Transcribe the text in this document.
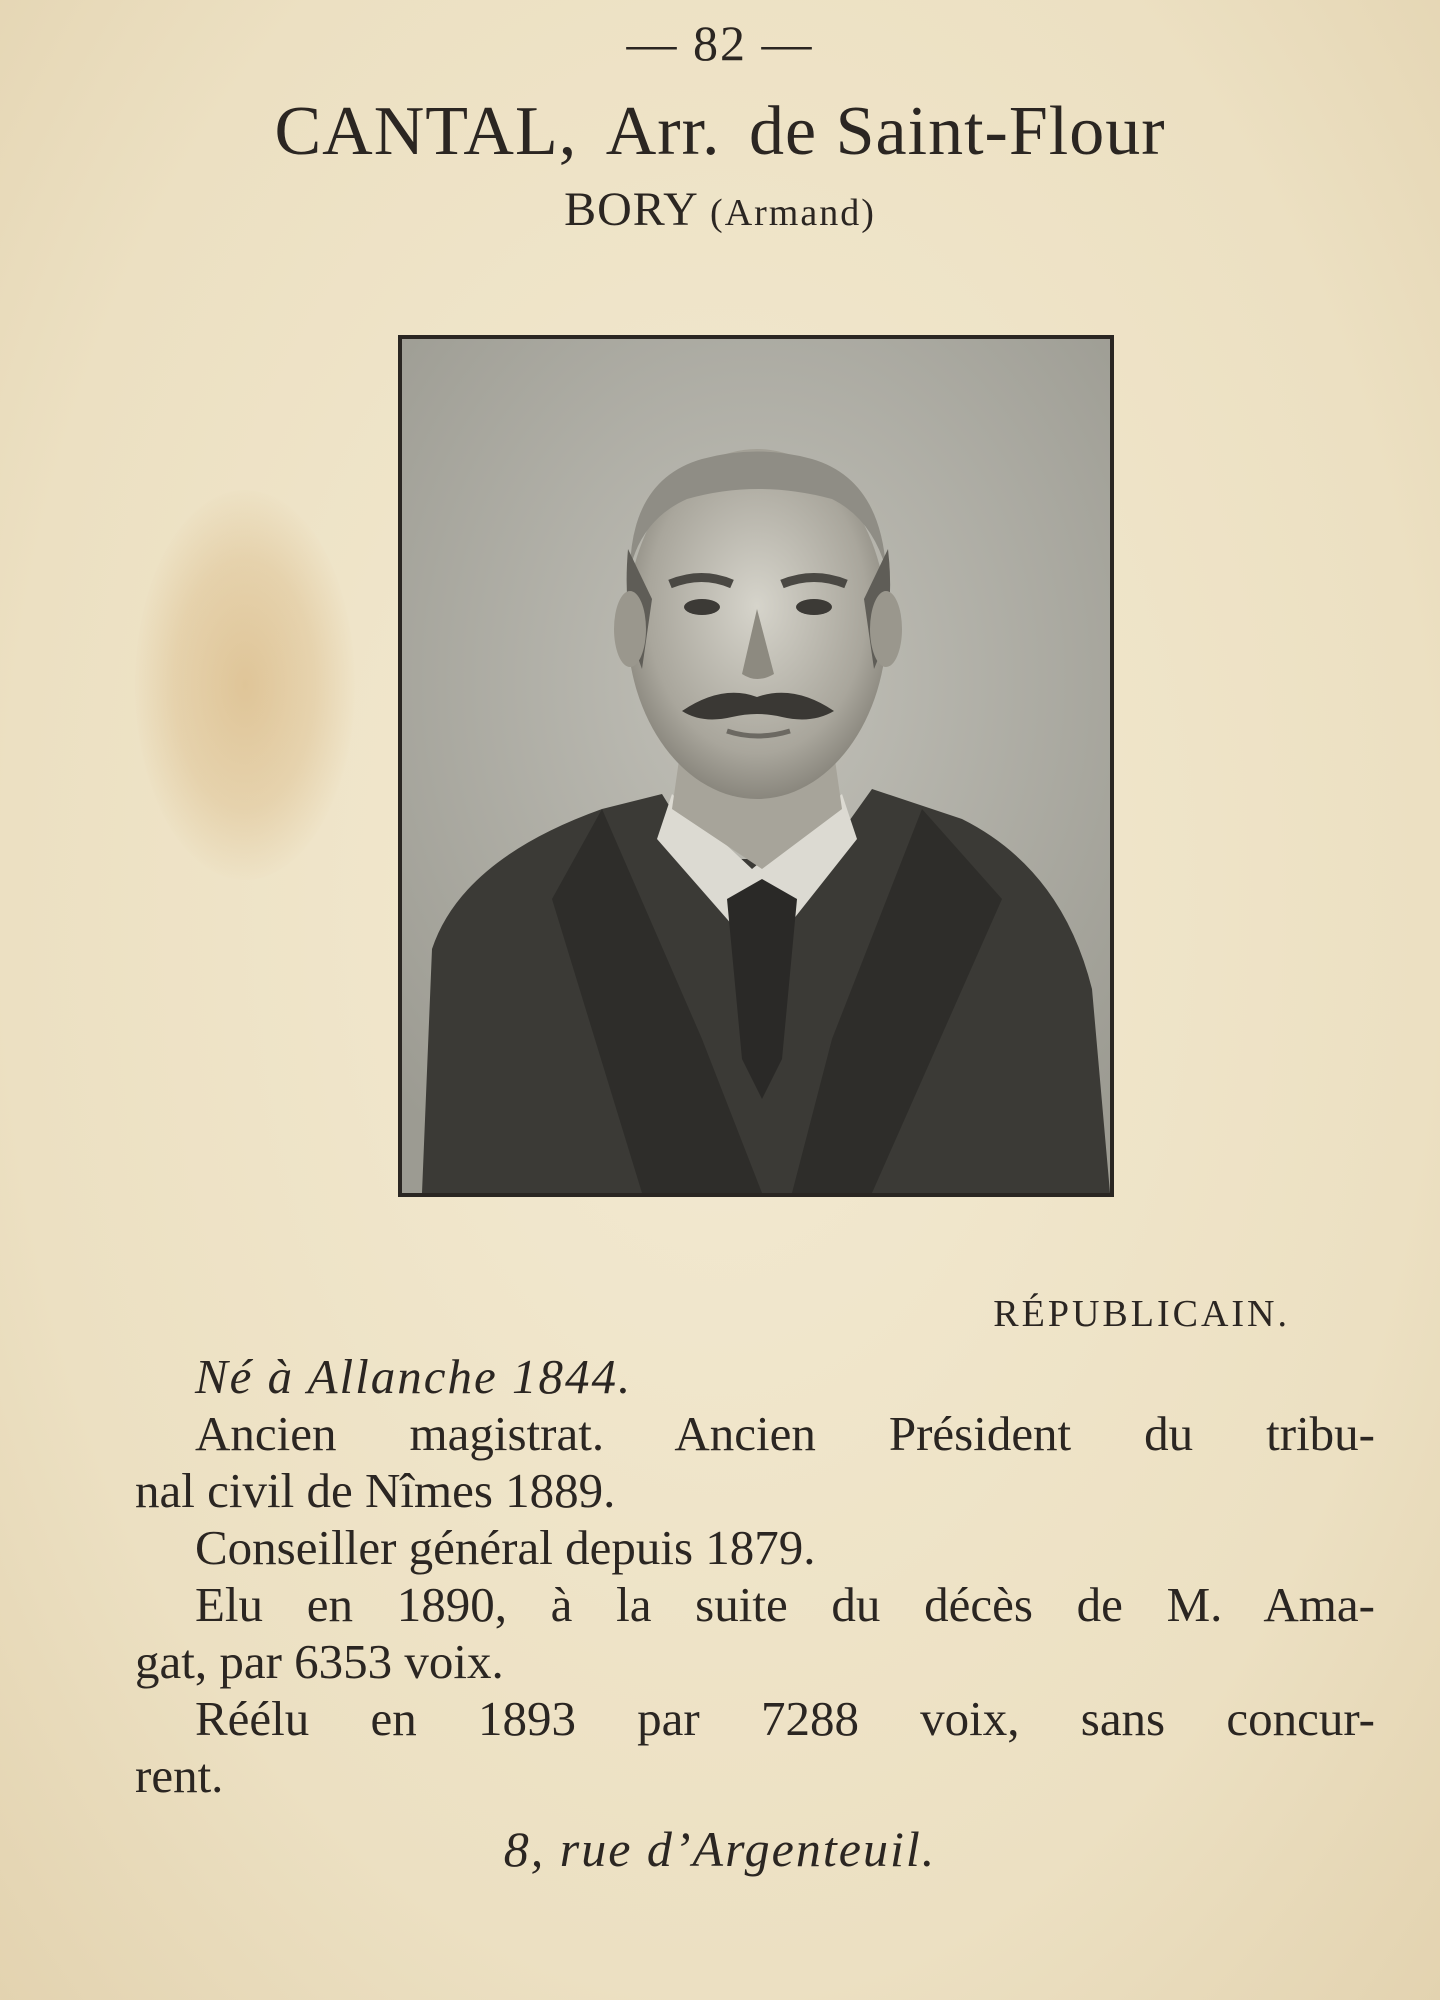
— 82 —
CANTAL, Arr. de Saint-Flour
BORY (Armand)
RÉPUBLICAIN.
Né à Allanche 1844.
Ancien magistrat. Ancien Président du tribu-
nal civil de Nîmes 1889.
Conseiller général depuis 1879.
Elu en 1890, à la suite du décès de M. Ama-
gat, par 6353 voix.
Réélu en 1893 par 7288 voix, sans concur-
rent.
8, rue d’Argenteuil.
